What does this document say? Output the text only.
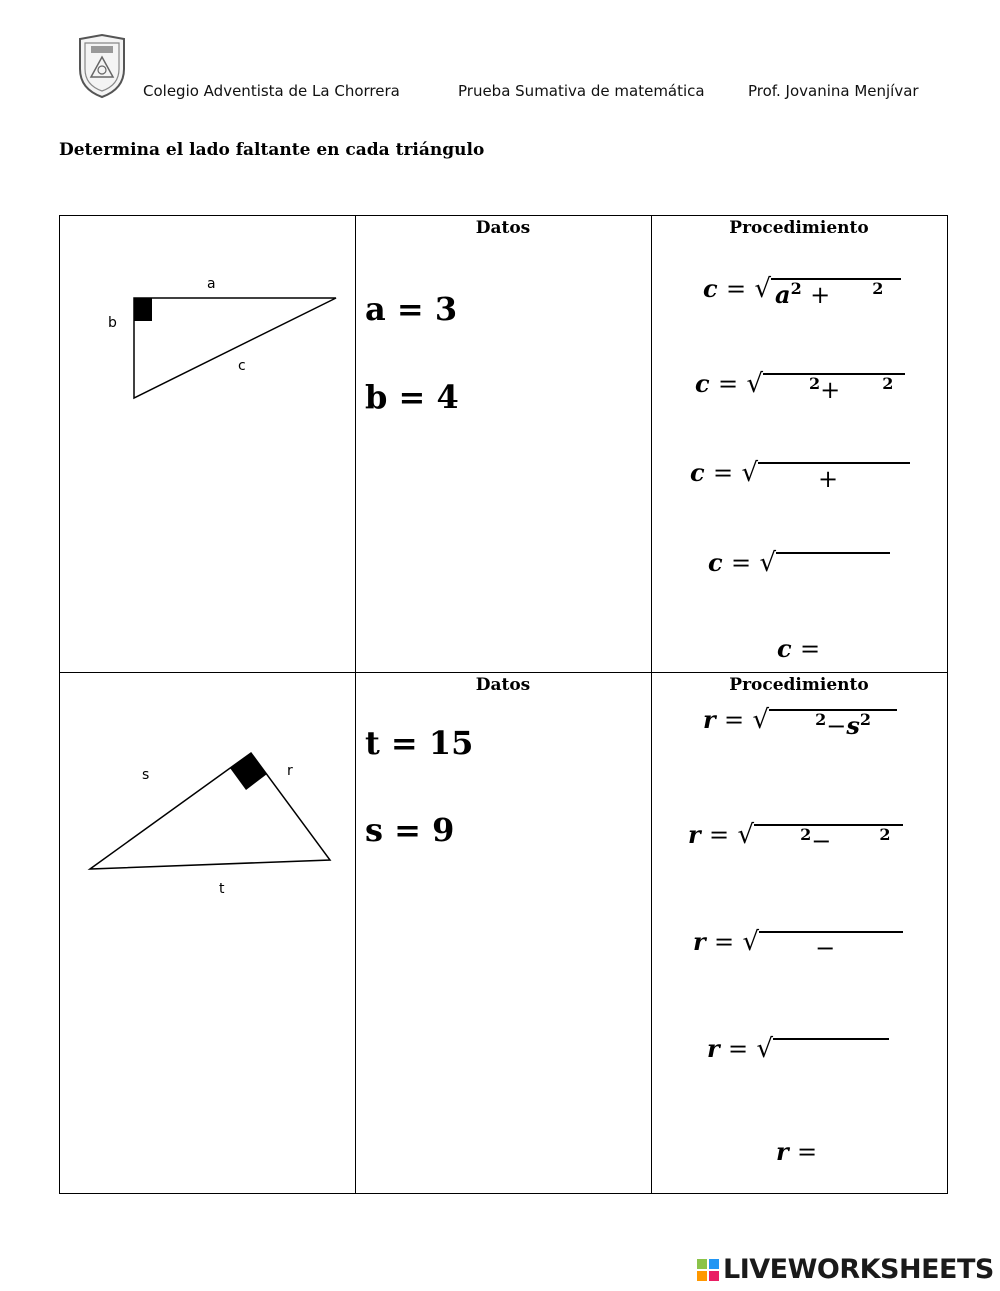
Colegio Adventista de La Chorrera	Prueba Sumativa de matemática	Prof. Jovanina Menjívar
Determina el lado faltante en cada triángulo
a
b
c
Datos
a = 3
b = 4
Procedimiento
c = √ $a^2$ +	$^2$
c = √	$^2$+	$^2$
c = √	+
c = √
c =
s	r
t
Datos
t = 15
s = 9
Procedimiento
r = √	$^2-s^2$
r = √	$^2$−	$^2$
r = √ −
r = √
r =
LIVEWORKSHEETS
